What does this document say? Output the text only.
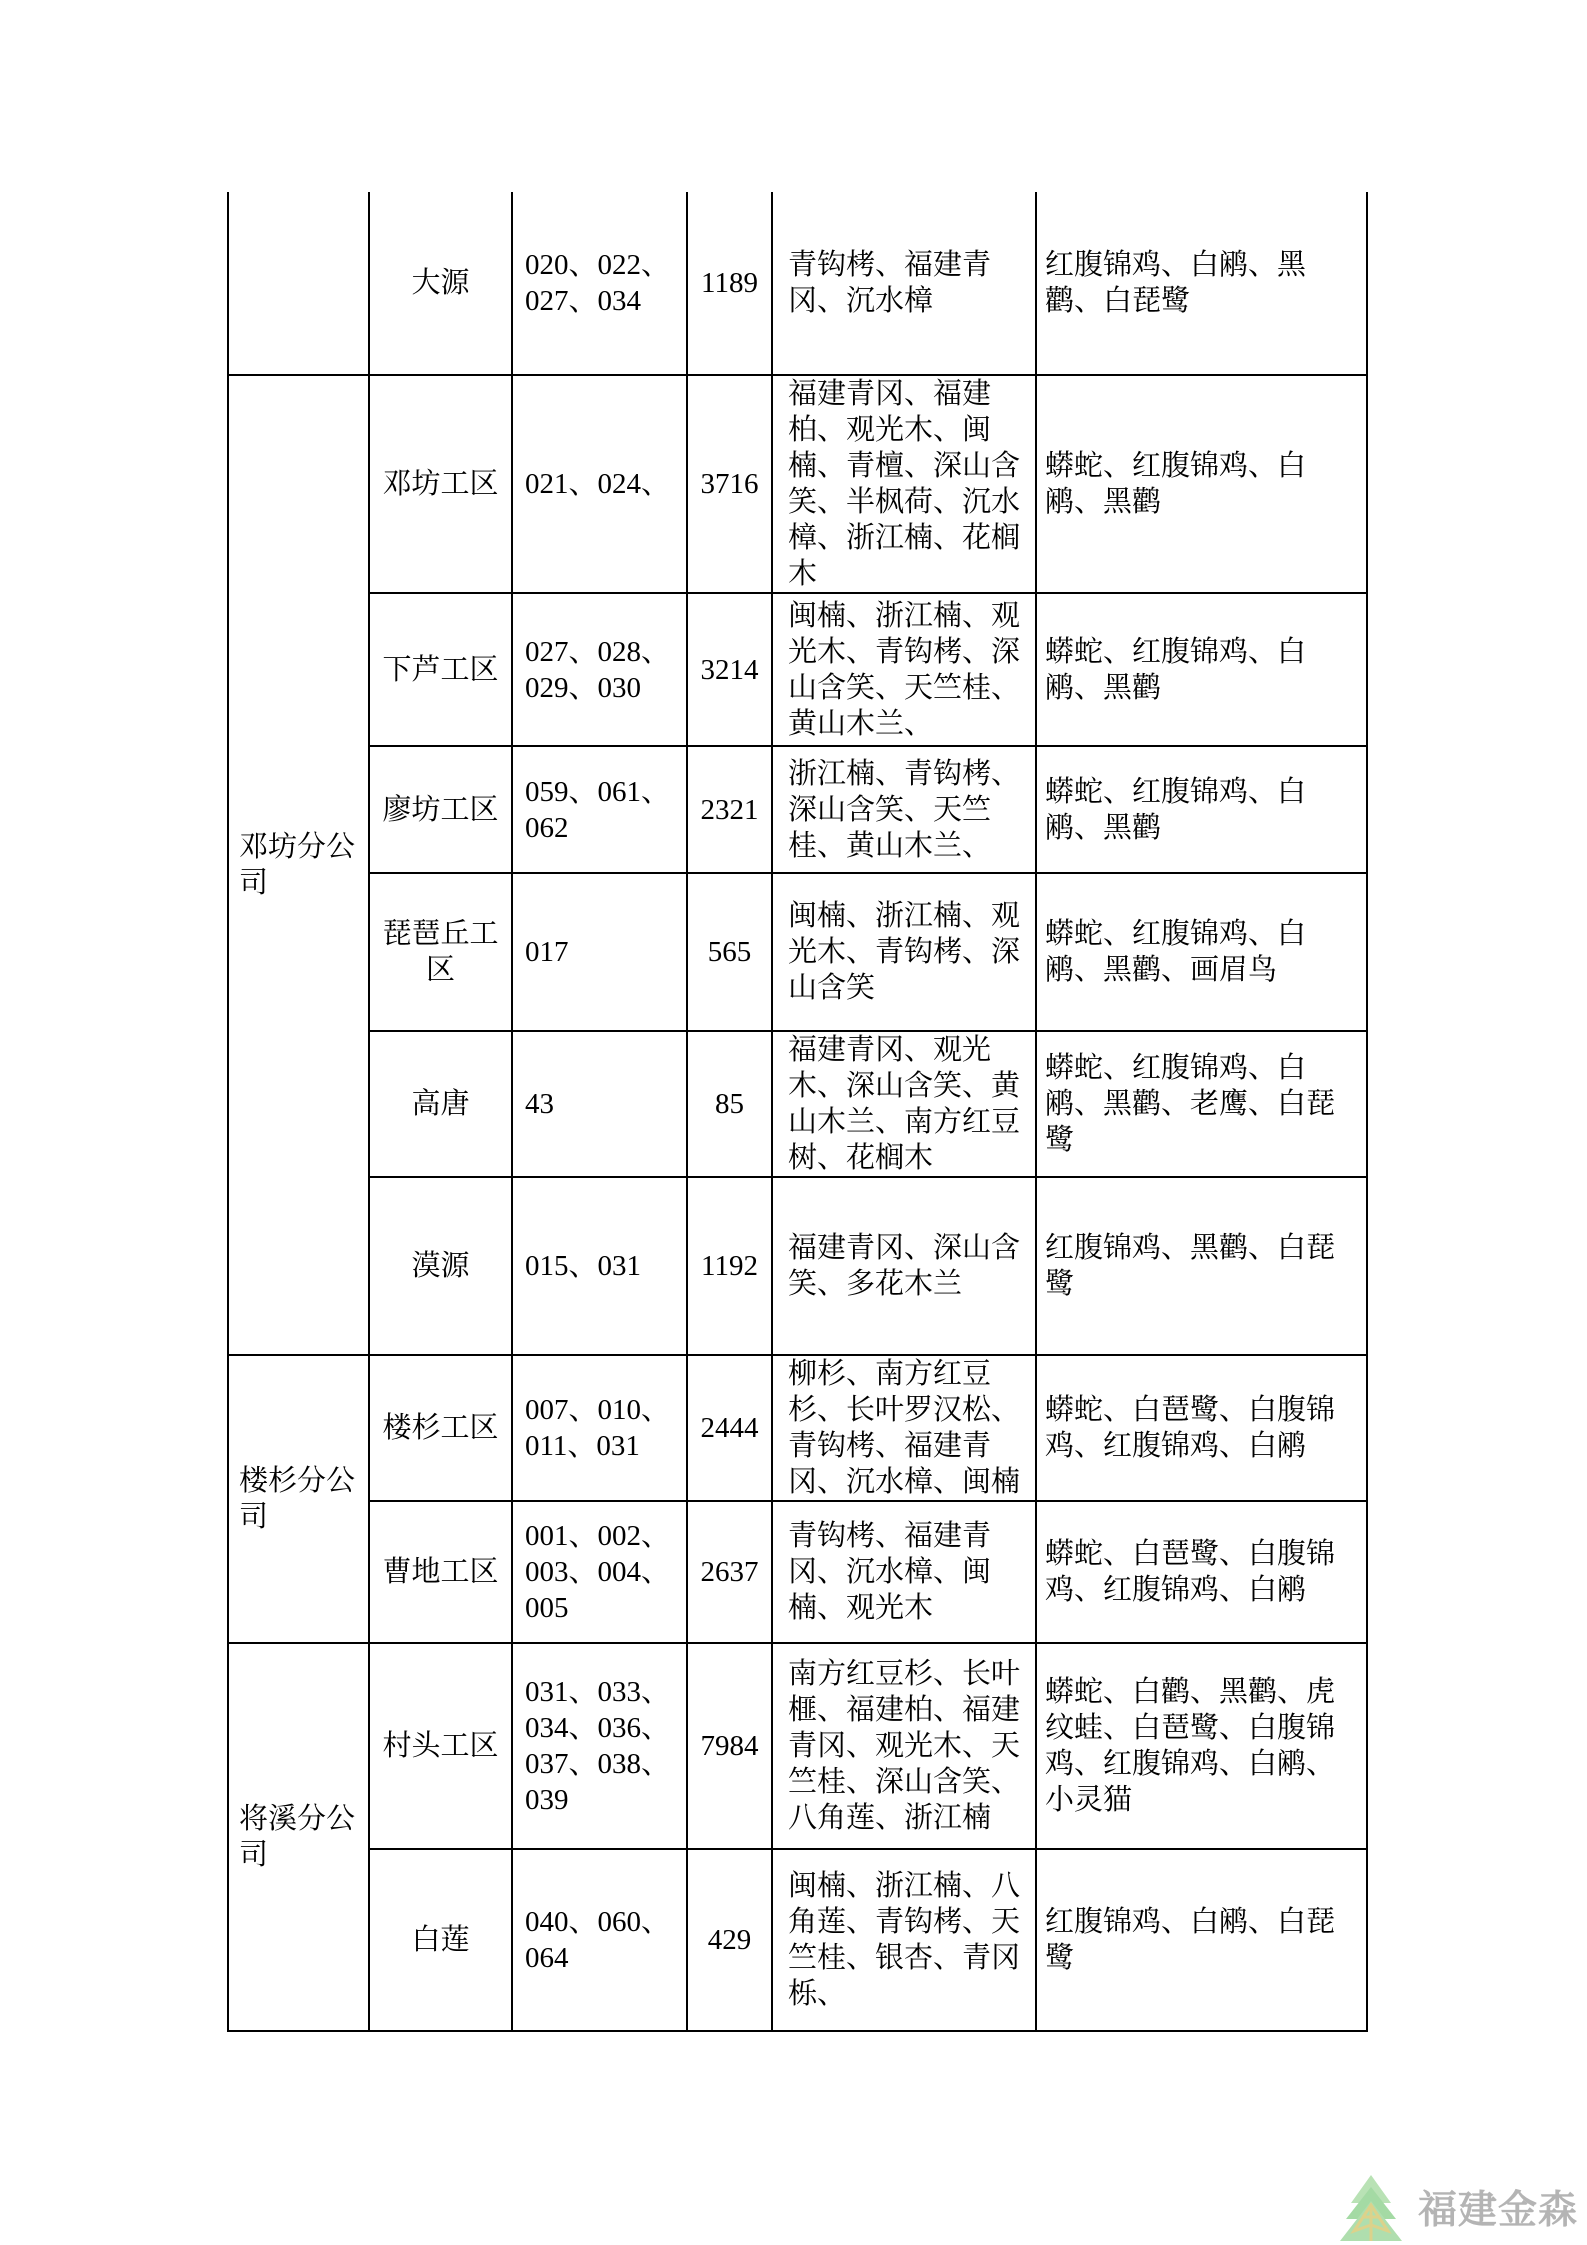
	大源	020、022、027、034	1189	青钩栲、福建青冈、沉水樟	红腹锦鸡、白鹇、黑鹳、白琵鹭
邓坊分公司	邓坊工区	021、024、	3716	福建青冈、福建柏、观光木、闽楠、青檀、深山含笑、半枫荷、沉水樟、浙江楠、花榈木	蟒蛇、红腹锦鸡、白鹇、黑鹳
	下芦工区	027、028、029、030	3214	闽楠、浙江楠、观光木、青钩栲、深山含笑、天竺桂、黄山木兰、	蟒蛇、红腹锦鸡、白鹇、黑鹳
	廖坊工区	059、061、062	2321	浙江楠、青钩栲、深山含笑、天竺桂、黄山木兰、	蟒蛇、红腹锦鸡、白鹇、黑鹳
	琵琶丘工区	017	565	闽楠、浙江楠、观光木、青钩栲、深山含笑	蟒蛇、红腹锦鸡、白鹇、黑鹳、画眉鸟
	高唐	43	85	福建青冈、观光木、深山含笑、黄山木兰、南方红豆树、花榈木	蟒蛇、红腹锦鸡、白鹇、黑鹳、老鹰、白琵鹭
	漠源	015、031	1192	福建青冈、深山含笑、多花木兰	红腹锦鸡、黑鹳、白琵鹭
楼杉分公司	楼杉工区	007、010、011、031	2444	柳杉、南方红豆杉、长叶罗汉松、青钩栲、福建青冈、沉水樟、闽楠	蟒蛇、白琶鹭、白腹锦鸡、红腹锦鸡、白鹇
	曹地工区	001、002、003、004、005	2637	青钩栲、福建青冈、沉水樟、闽楠、观光木	蟒蛇、白琶鹭、白腹锦鸡、红腹锦鸡、白鹇
将溪分公司	村头工区	031、033、034、036、037、038、039	7984	南方红豆杉、长叶榧、福建柏、福建青冈、观光木、天竺桂、深山含笑、八角莲、浙江楠	蟒蛇、白鹳、黑鹳、虎纹蛙、白琶鹭、白腹锦鸡、红腹锦鸡、白鹇、小灵猫
	白莲	040、060、064	429	闽楠、浙江楠、八角莲、青钩栲、天竺桂、银杏、青冈栎、	红腹锦鸡、白鹇、白琵鹭
福建金森
